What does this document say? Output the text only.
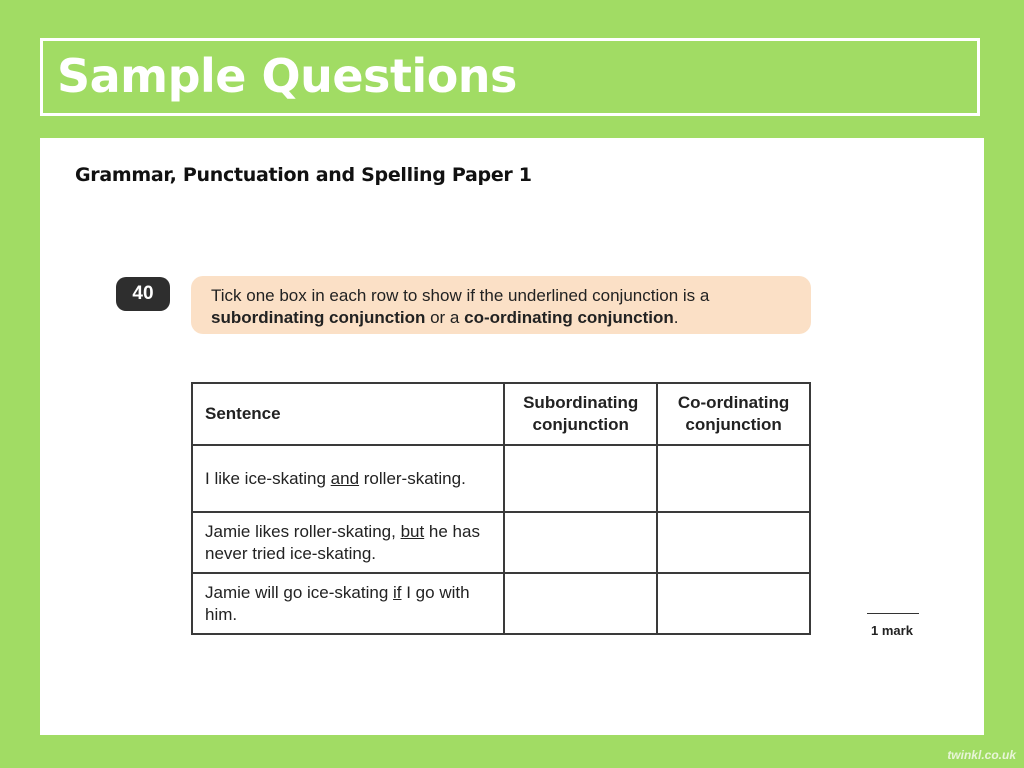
Sample Questions
Grammar, Punctuation and Spelling Paper 1
40	Tick one box in each row to show if the underlined conjunction is a subordinating conjunction or a co-ordinating conjunction.
Sentence	Subordinating conjunction	Co-ordinating conjunction
I like ice-skating and roller-skating.		
Jamie likes roller-skating, but he has never tried ice-skating.		
Jamie will go ice-skating if I go with him.		
1 mark
twinkl.co.uk
